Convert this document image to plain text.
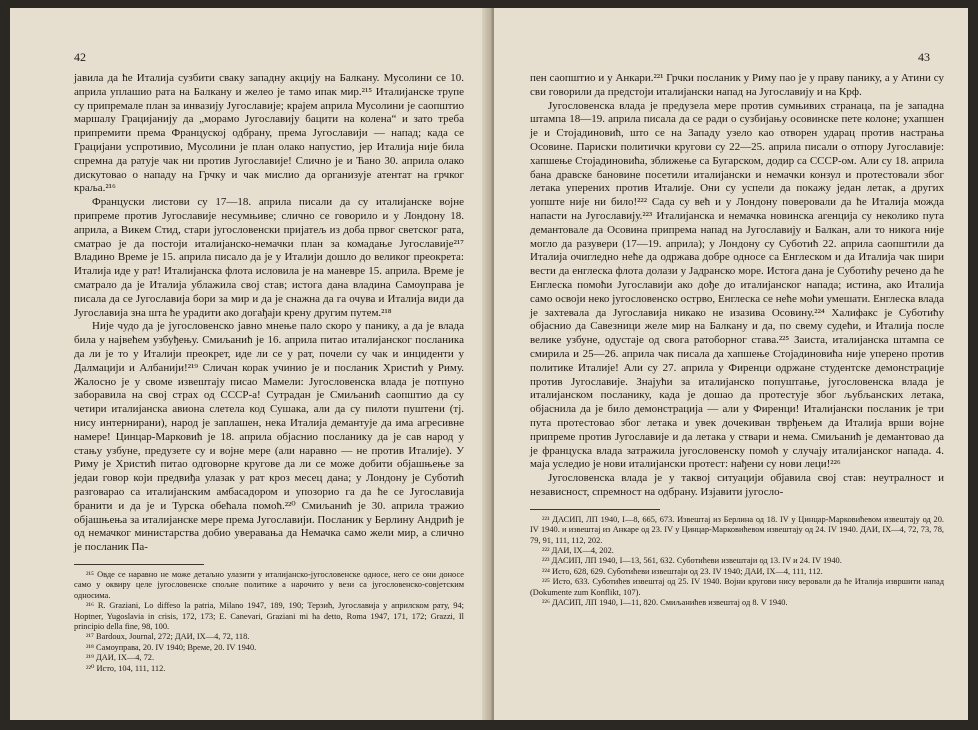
42

јавила да ће Италија сузбити сваку западну акцију на Балкану. Мусолини се 10. априла уплашио рата на Балкану и желео је тамо ипак мир.²¹⁵ Италијанске трупе су припремале план за инвазију Југославије; крајем априла Мусолини је саопштио маршалу Грацијанију да „морамо Југославију бацити на колена“ и зато треба припремити према Француској одбрану, према Југославији — напад; када се Грацијани успротивио, Мусолини је план олако напустио, јер Италија није била спремна да ратује чак ни против Југославије! Слично је и Ћано 30. априла олако дискутовао о нападу на Грчку и чак мислио да организује атентат на грчког краља.²¹⁶

Француски листови су 17—18. априла писали да су италијанске војне припреме против Југославије несумњиве; слично се говорило и у Лондону 18. априла, а Викем Стид, стари југословенски пријатељ из доба првог светског рата, сматрао је да постоји италијанско-немачки план за комадање Југославије²¹⁷ Владино Време је 15. априла писало да је у Италији дошло до великог преокрета: Италија иде у рат! Италијанска флота исловила је на маневре 15. априла. Време је сматрало да је Италија ублажила свој став; истога дана владина Самоуправа је писала да се Југославија бори за мир и да је снажна да га очува и Италија види да Југославија зна шта ће урадити ако догађаји крену другим путем.²¹⁸

Није чудо да је југословенско јавно мнење пало скоро у панику, а да је влада била у највећем узбуђењу. Смиљанић је 16. априла питао италијанског посланика да ли је то у Италији преокрет, иде ли се у рат, почели су чак и инциденти у Далмацији и Албанији!²¹⁹ Сличан корак учинио је и посланик Христић у Риму. Жалосно је у своме извештају писао Мамели: Југословенска влада је потпуно заборавила на свој страх од СССР-а! Сутрадан је Смиљанић саопштио да су четири италијанска авиона слетела код Сушака, али да су пилоти пуштени (тј. нису интернирани), народ је заплашен, нека Италија демантује да има агресивне намере! Цинцар-Марковић је 18. априла објаснио посланику да је сав народ у стању узбуне, предузете су и војне мере (али наравно — не против Италије). У Риму је Христић питао одговорне кругове да ли се може добити објашњење за једаи говор који предвиђа улазак у рат кроз месец дана; у Лондону је Суботић разговарао са италијанским амбасадором и упозорио га да ће се Југославија бранити и да је и Турска обећала помоћ.²²⁰ Смиљанић је 30. априла тражио објашњења за италијанске мере према Југославији. Посланик у Берлину Андрић је од немачког министарства добио уверавања да Немачка само жели мир, а слично је посланик Па-

²¹⁵ Овде се наравно не може детаљно улазити у италијанско-југословенске односе, него се они доносе само у оквиру целе југословенске спољне политике а нарочито у вези са југословенско-совјетским односима.

²¹⁶ R. Graziani, Lo diffeso la patria, Milano 1947, 189, 190; Терзић, Југославија у априлском рату, 94; Hoptner, Yugoslavia in crisis, 172, 173; E. Canevari, Graziani mi ha detto, Roma 1947, 171, 172; Grazzi, Il principio della fine, 98, 100.

²¹⁷ Bardoux, Journal, 272; ДАИ, IX—4, 72, 118.

²¹⁸ Самоуправа, 20. IV 1940; Време, 20. IV 1940.

²¹⁹ ДАИ, IX—4, 72.

²²⁰ Исто, 104, 111, 112.

43

пен саопштио и у Анкари.²²¹ Грчки посланик у Риму пао је у праву панику, а у Атини су сви говорили да предстоји италијански напад на Југославију и на Крф.

Југословенска влада је предузела мере против сумњивих странаца, па је западна штампа 18—19. априла писала да се ради о сузбијању осовинске пете колоне; ухапшен је и Стојадиновић, што се на Западу узело као отворен ударац против настрања Осовине. Париски политички кругови су 22—25. априла писали о отпору Југославије: хапшење Стојадиновића, зближење са Бугарском, додир са СССР-ом. Али су 18. априла бана дравске бановине посетили италијански и немачки конзул и протестовали због летака уперених против Италије. Они су успели да покажу један летак, а других уопште није ни било!²²² Сада су већ и у Лондону поверовали да ће Италија можда напасти на Југославију.²²³ Италијанска и немачка новинска агенција су неколико пута демантовале да Осовина припрема напад на Југославију и Балкан, али то никога није могло да разувери (17—19. априла); у Лондону су Суботић 22. априла саопштили да Италија очигледно неће да одржава добре односе са Енглеском и да Италија чак шири вести да енглеска флота долази у Јадранско море. Истога дана је Суботићу речено да ће Енглеска помоћи Југославији ако дође до италијанског напада; истина, ако Италија само освоји неко југословенско острво, Енглеска се неће моћи умешати. Енглеска влада је захтевала да Југославија никако не изазива Осовину.²²⁴ Халифакс је Суботићу објаснио да Савезници желе мир на Балкану и да, по свему судећи, и Италија после велике узбуне, одустаје од свога ратоборног става.²²⁵ Заиста, италијанска штампа се смирила и 25—26. априла чак писала да хапшење Стојадиновића није уперено против политике Италије! Али су 27. априла у Фиренци одржане студентске демонстрације против Југославије. Знајући за италијанско попуштање, југословенска влада је италијанском посланику, када је дошао да протестује због љубљанских летака, објаснила да је било демонстрација — али у Фиренци! Италијански посланик је три пута протестовао због летака и увек дочекиван тврђењем да Италија врши војне припреме против Југославије и да летака у ствари и нема. Смиљанић је демантовао да је француска влада затражила југословенску помоћ у случају италијанског напада. 4. маја уследио је нови италијански протест: нађени су нови леци!²²⁶

Југословенска влада је у таквој ситуацији објавила свој став: неутралност и независност, спремност на одбрану. Изјавити југосло-

²²¹ ДАСИП, ЛП 1940, I—8, 665, 673. Извештај из Берлина од 18. IV у Цинцар-Марковићевом извештају од 20. IV 1940. и извештај из Анкаре од 23. IV у Цинцар-Марковићевом извештају од 24. IV 1940. ДАИ, IX—4, 72, 73, 78, 79, 91, 111, 112, 202.

²²² ДАИ, IX—4, 202.

²²³ ДАСИП, ЛП 1940, I—13, 561, 632. Суботићеви извештаји од 13. IV и 24. IV 1940.

²²⁴ Исто, 628, 629. Суботићеви извештаји од 23. IV 1940; ДАИ, IX—4, 111, 112.

²²⁵ Исто, 633. Суботићев извештај од 25. IV 1940. Војни кругови нису веровали да ће Италија извршити напад (Dokumente zum Konflikt, 107).

²²⁶ ДАСИП, ЛП 1940, I—11, 820. Смиљанићев извештај од 8. V 1940.
